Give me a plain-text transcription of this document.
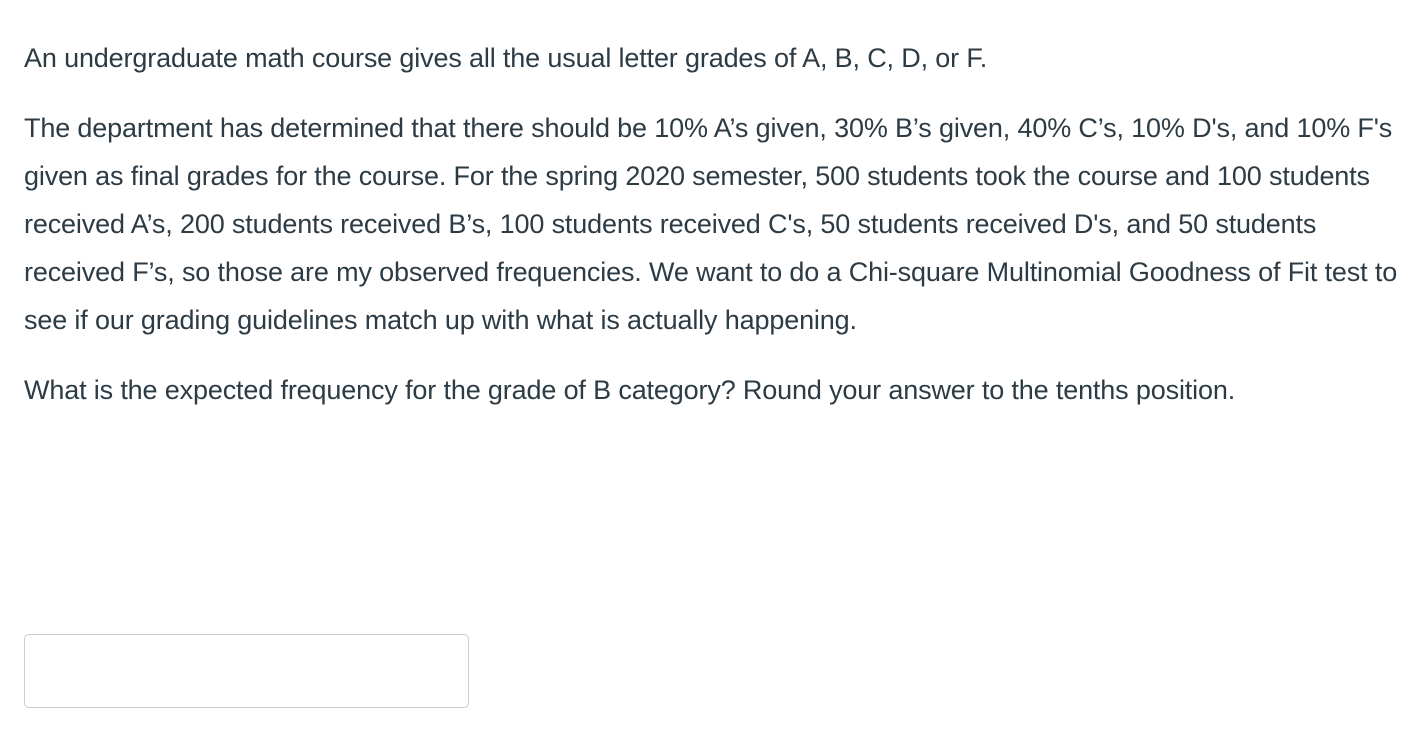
An undergraduate math course gives all the usual letter grades of A, B, C, D, or F.

The department has determined that there should be 10% A’s given, 30% B’s given, 40% C’s, 10% D's, and 10% F's given as final grades for the course. For the spring 2020 semester, 500 students took the course and 100 students received A’s, 200 students received B’s, 100 students received C's, 50 students received D's, and 50 students received F’s, so those are my observed frequencies. We want to do a Chi-square Multinomial Goodness of Fit test to see if our grading guidelines match up with what is actually happening.

What is the expected frequency for the grade of B category? Round your answer to the tenths position.
